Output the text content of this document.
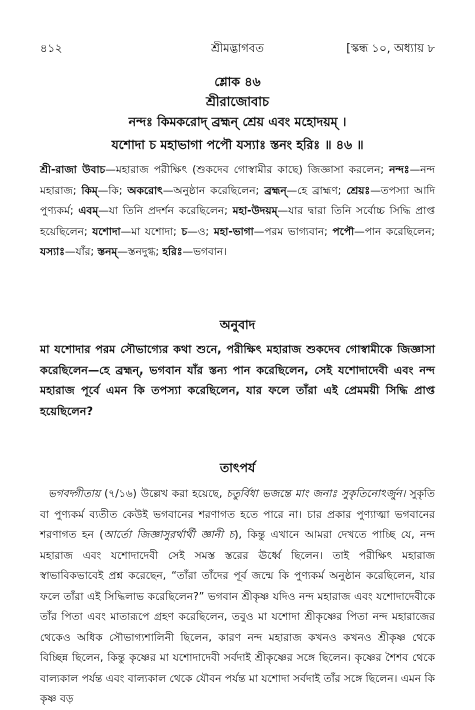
৪১২	শ্রীমদ্ভাগবত	[স্কন্ধ ১০, অধ্যায় ৮
শ্লোক ৪৬
শ্রীরাজোবাচ
নন্দঃ কিমকরোদ্ ব্রহ্মন্ শ্রেয় এবং মহোদয়ম্ ।
যশোদা চ মহাভাগা পপৌ যস্যাঃ স্তনং হরিঃ ॥ ৪৬ ॥
শ্রী-রাজা উবাচ—মহারাজ পরীক্ষিৎ (শুকদেব গোস্বামীর কাছে) জিজ্ঞাসা করলেন; নন্দঃ—নন্দ মহারাজ; কিম্—কি; অকরোৎ—অনুষ্ঠান করেছিলেন; ব্রহ্মন্—হে ব্রাহ্মণ; শ্রেয়ঃ—তপস্যা আদি পুণ্যকর্ম; এবম্—যা তিনি প্রদর্শন করেছিলেন; মহা-উদয়ম্—যার দ্বারা তিনি সর্বোচ্চ সিদ্ধি প্রাপ্ত হয়েছিলেন; যশোদা—মা যশোদা; চ—ও; মহা-ভাগা—পরম ভাগ্যবান; পপৌ—পান করেছিলেন; যস্যাঃ—যাঁর; স্তনম্—স্তনদুগ্ধ; হরিঃ—ভগবান।
অনুবাদ
মা যশোদার পরম সৌভাগ্যের কথা শুনে, পরীক্ষিৎ মহারাজ শুকদেব গোস্বামীকে জিজ্ঞাসা করেছিলেন—হে ব্রহ্মন্, ভগবান যাঁর স্তন্য পান করেছিলেন, সেই যশোদাদেবী এবং নন্দ মহারাজ পূর্বে এমন কি তপস্যা করেছিলেন, যার ফলে তাঁরা এই প্রেমময়ী সিদ্ধি প্রাপ্ত হয়েছিলেন?
তাৎপর্য
ভগবদ্গীতায় (৭/১৬) উল্লেখ করা হয়েছে, চতুর্বিধা ভজন্তে মাং জনাঃ সুকৃতিনোঽর্জুন। সুকৃতি বা পুণ্যকর্ম ব্যতীত কেউই ভগবানের শরণাগত হতে পারে না। চার প্রকার পুণ্যাত্মা ভগবানের শরণাগত হন (আর্তো জিজ্ঞাসুরর্থার্থী জ্ঞানী চ), কিন্তু এখানে আমরা দেখতে পাচ্ছি যে, নন্দ মহারাজ এবং যশোদাদেবী সেই সমস্ত স্তরের ঊর্ধ্বে ছিলেন। তাই পরীক্ষিৎ মহারাজ স্বাভাবিকভাবেই প্রশ্ন করেছেন, “তাঁরা তাঁদের পূর্ব জন্মে কি পুণ্যকর্ম অনুষ্ঠান করেছিলেন, যার ফলে তাঁরা এই সিদ্ধিলাভ করেছিলেন?” ভগবান শ্রীকৃষ্ণ যদিও নন্দ মহারাজ এবং যশোদাদেবীকে তাঁর পিতা এবং মাতারূপে গ্রহণ করেছিলেন, তবুও মা যশোদা শ্রীকৃষ্ণের পিতা নন্দ মহারাজের থেকেও অধিক সৌভাগ্যশালিনী ছিলেন, কারণ নন্দ মহারাজ কখনও কখনও শ্রীকৃষ্ণ থেকে বিচ্ছিন্ন ছিলেন, কিন্তু কৃষ্ণের মা যশোদাদেবী সর্বদাই শ্রীকৃষ্ণের সঙ্গে ছিলেন। কৃষ্ণের শৈশব থেকে বাল্যকাল পর্যন্ত এবং বাল্যকাল থেকে যৌবন পর্যন্ত মা যশোদা সর্বদাই তাঁর সঙ্গে ছিলেন। এমন কি কৃষ্ণ বড়
